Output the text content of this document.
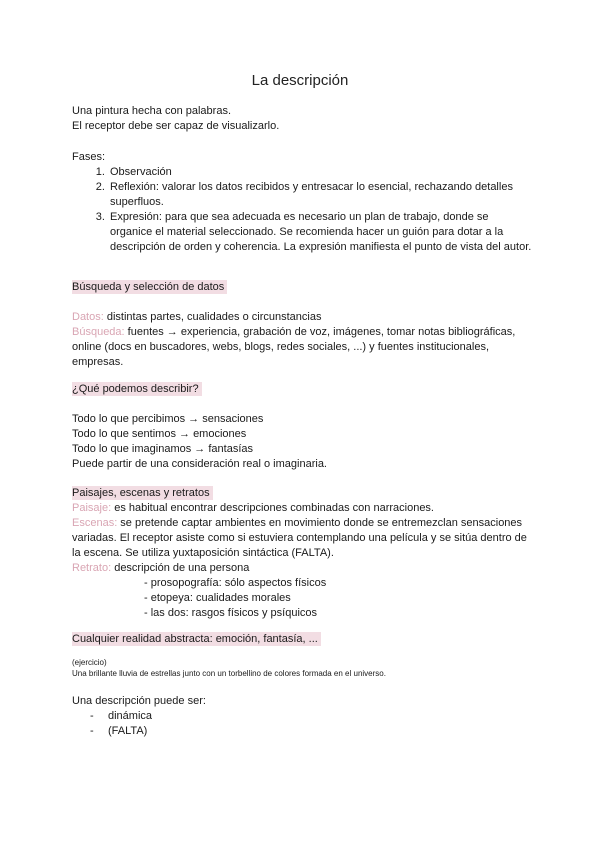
La descripción
Una pintura hecha con palabras.
El receptor debe ser capaz de visualizarlo.
Fases:
1. Observación
2. Reflexión: valorar los datos recibidos y entresacar lo esencial, rechazando detalles superfluos.
3. Expresión: para que sea adecuada es necesario un plan de trabajo, donde se organice el material seleccionado. Se recomienda hacer un guión para dotar a la descripción de orden y coherencia. La expresión manifiesta el punto de vista del autor.
Búsqueda y selección de datos
Datos: distintas partes, cualidades o circunstancias
Búsqueda: fuentes → experiencia, grabación de voz, imágenes, tomar notas bibliográficas, online (docs en buscadores, webs, blogs, redes sociales, ...) y fuentes institucionales, empresas.
¿Qué podemos describir?
Todo lo que percibimos → sensaciones
Todo lo que sentimos → emociones
Todo lo que imaginamos → fantasías
Puede partir de una consideración real o imaginaria.
Paisajes, escenas y retratos
Paisaje: es habitual encontrar descripciones combinadas con narraciones.
Escenas: se pretende captar ambientes en movimiento donde se entremezclan sensaciones variadas. El receptor asiste como si estuviera contemplando una película y se sitúa dentro de la escena. Se utiliza yuxtaposición sintáctica (FALTA).
Retrato: descripción de una persona
- prosopografía: sólo aspectos físicos
- etopeya: cualidades morales
- las dos: rasgos físicos y psíquicos
Cualquier realidad abstracta: emoción, fantasía, ...
(ejercicio)
Una brillante lluvia de estrellas junto con un torbellino de colores formada en el universo.
Una descripción puede ser:
- dinámica
- (FALTA)
